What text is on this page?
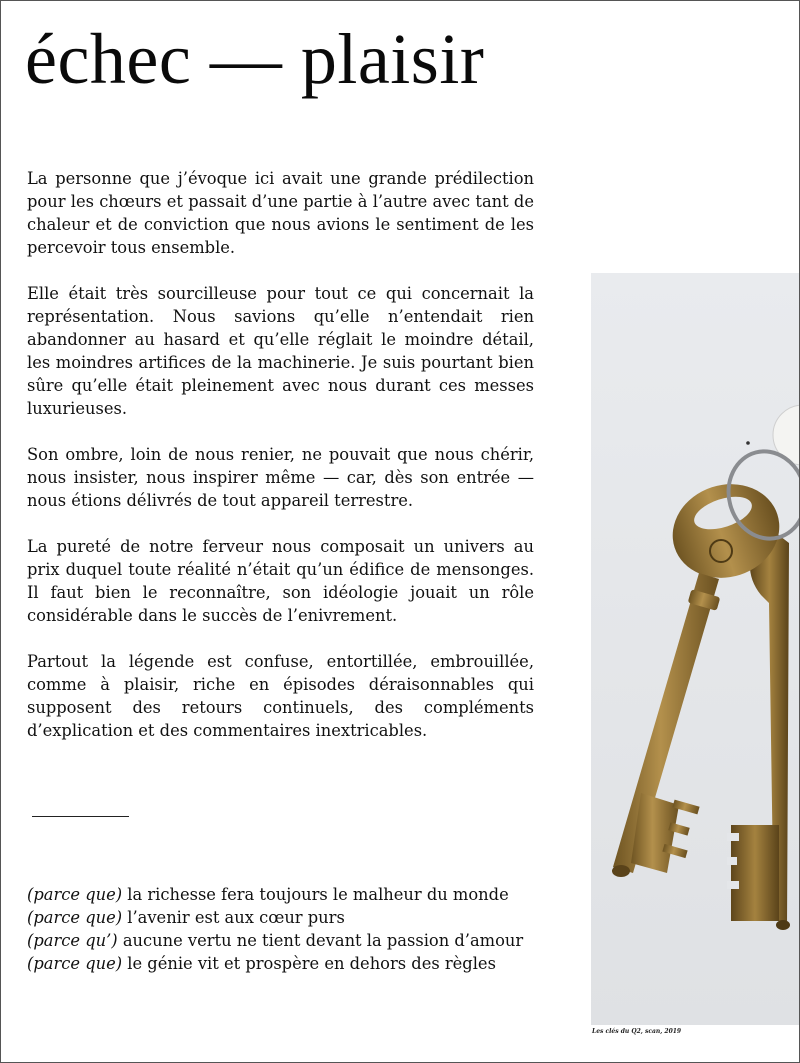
échec — plaisir

La personne que j’évoque ici avait une grande prédilection pour les chœurs et passait d’une partie à l’autre avec tant de chaleur et de conviction que nous avions le sentiment de les percevoir tous ensemble.

Elle était très sourcilleuse pour tout ce qui concernait la représentation. Nous savions qu’elle n’entendait rien abandonner au hasard et qu’elle réglait le moindre détail, les moindres artifices de la machinerie. Je suis pourtant bien sûre qu’elle était pleinement avec nous durant ces messes luxurieuses.

Son ombre, loin de nous renier, ne pouvait que nous chérir, nous insister, nous inspirer même — car, dès son entrée — nous étions délivrés de tout appareil terrestre.

La pureté de notre ferveur nous composait un univers au prix duquel toute réalité n’était qu’un édifice de mensonges. Il faut bien le reconnaître, son idéologie jouait un rôle considérable dans le succès de l’enivrement.

Partout la légende est confuse, entortillée, embrouillée, comme à plaisir, riche en épisodes déraisonnables qui supposent des retours continuels, des compléments d’explication et des commentaires inextricables.

(parce que) la richesse fera toujours le malheur du monde
(parce que) l’avenir est aux cœur purs
(parce qu’) aucune vertu ne tient devant la passion d’amour
(parce que) le génie vit et prospère en dehors des règles
Les clés du Q2, scan, 2019
